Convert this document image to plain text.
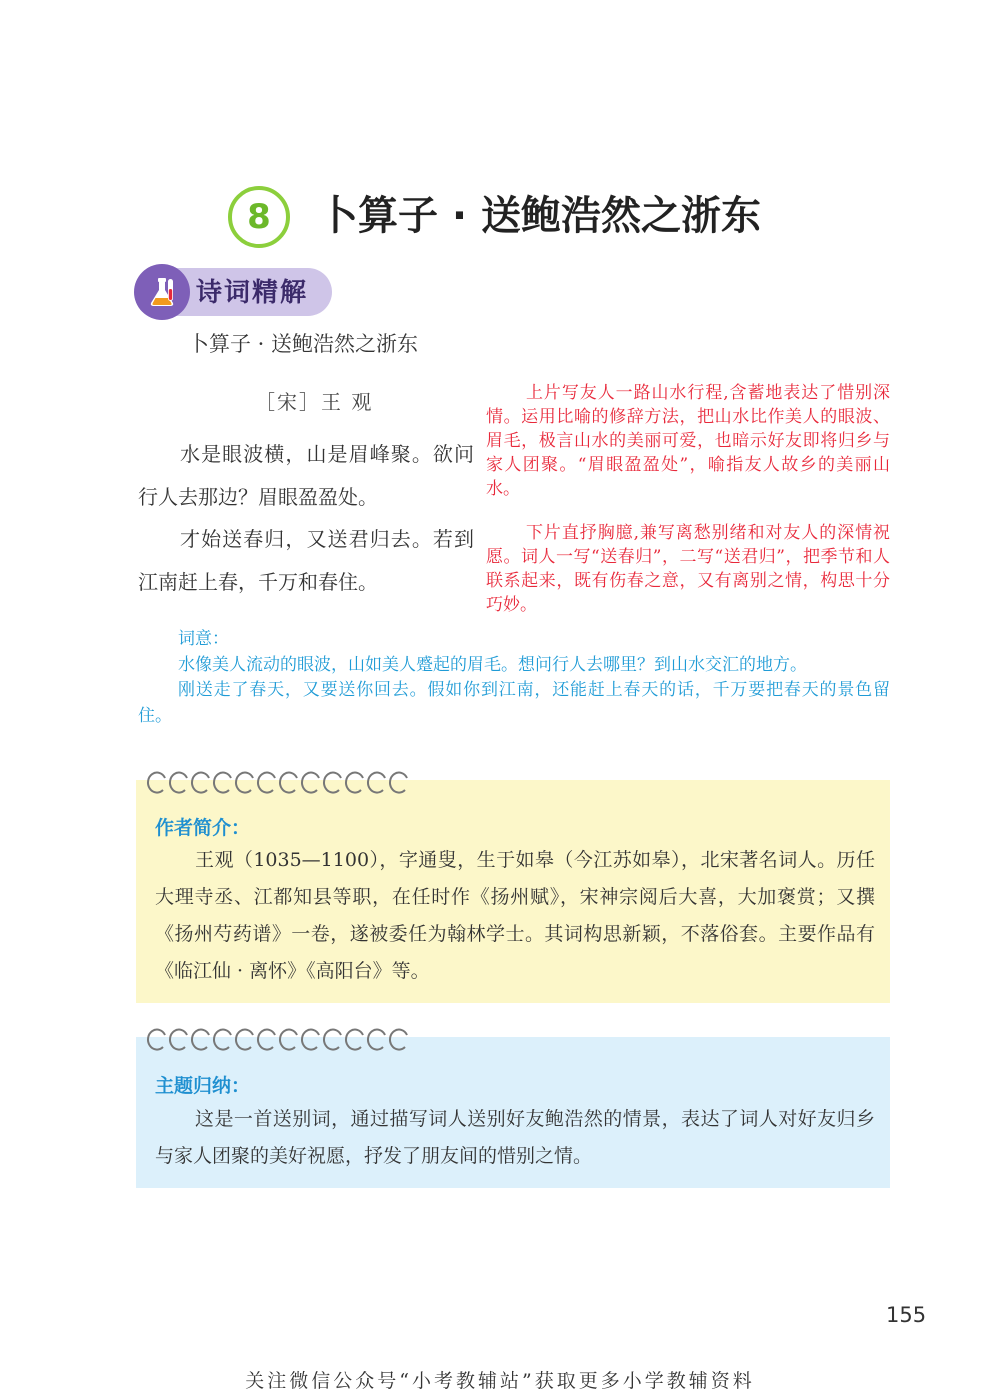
8 卜算子 · 送鲍浩然之浙东
诗词精解
卜算子 · 送鲍浩然之浙东
［宋］王 观
水是眼波横，山是眉峰聚。欲问行人去那边？眉眼盈盈处。
才始送春归，又送君归去。若到江南赶上春，千万和春住。
上片写友人一路山水行程,含蓄地表达了惜别深情。运用比喻的修辞方法，把山水比作美人的眼波、眉毛，极言山水的美丽可爱，也暗示好友即将归乡与家人团聚。“眉眼盈盈处”，喻指友人故乡的美丽山水。
下片直抒胸臆,兼写离愁别绪和对友人的深情祝愿。词人一写“送春归”，二写“送君归”，把季节和人联系起来，既有伤春之意，又有离别之情，构思十分巧妙。

词意：

水像美人流动的眼波，山如美人蹙起的眉毛。想问行人去哪里？到山水交汇的地方。

刚送走了春天，又要送你回去。假如你到江南，还能赶上春天的话，千万要把春天的景色留住。

作者简介：
王观（1035—1100），字通叟，生于如皋（今江苏如皋），北宋著名词人。历任大理寺丞、江都知县等职，在任时作《扬州赋》，宋神宗阅后大喜，大加褒赏；又撰《扬州芍药谱》一卷，遂被委任为翰林学士。其词构思新颖，不落俗套。主要作品有《临江仙 · 离怀》《高阳台》等。
主题归纳：
这是一首送别词，通过描写词人送别好友鲍浩然的情景，表达了词人对好友归乡与家人团聚的美好祝愿，抒发了朋友间的惜别之情。
155
关注微信公众号“小考教辅站”获取更多小学教辅资料
